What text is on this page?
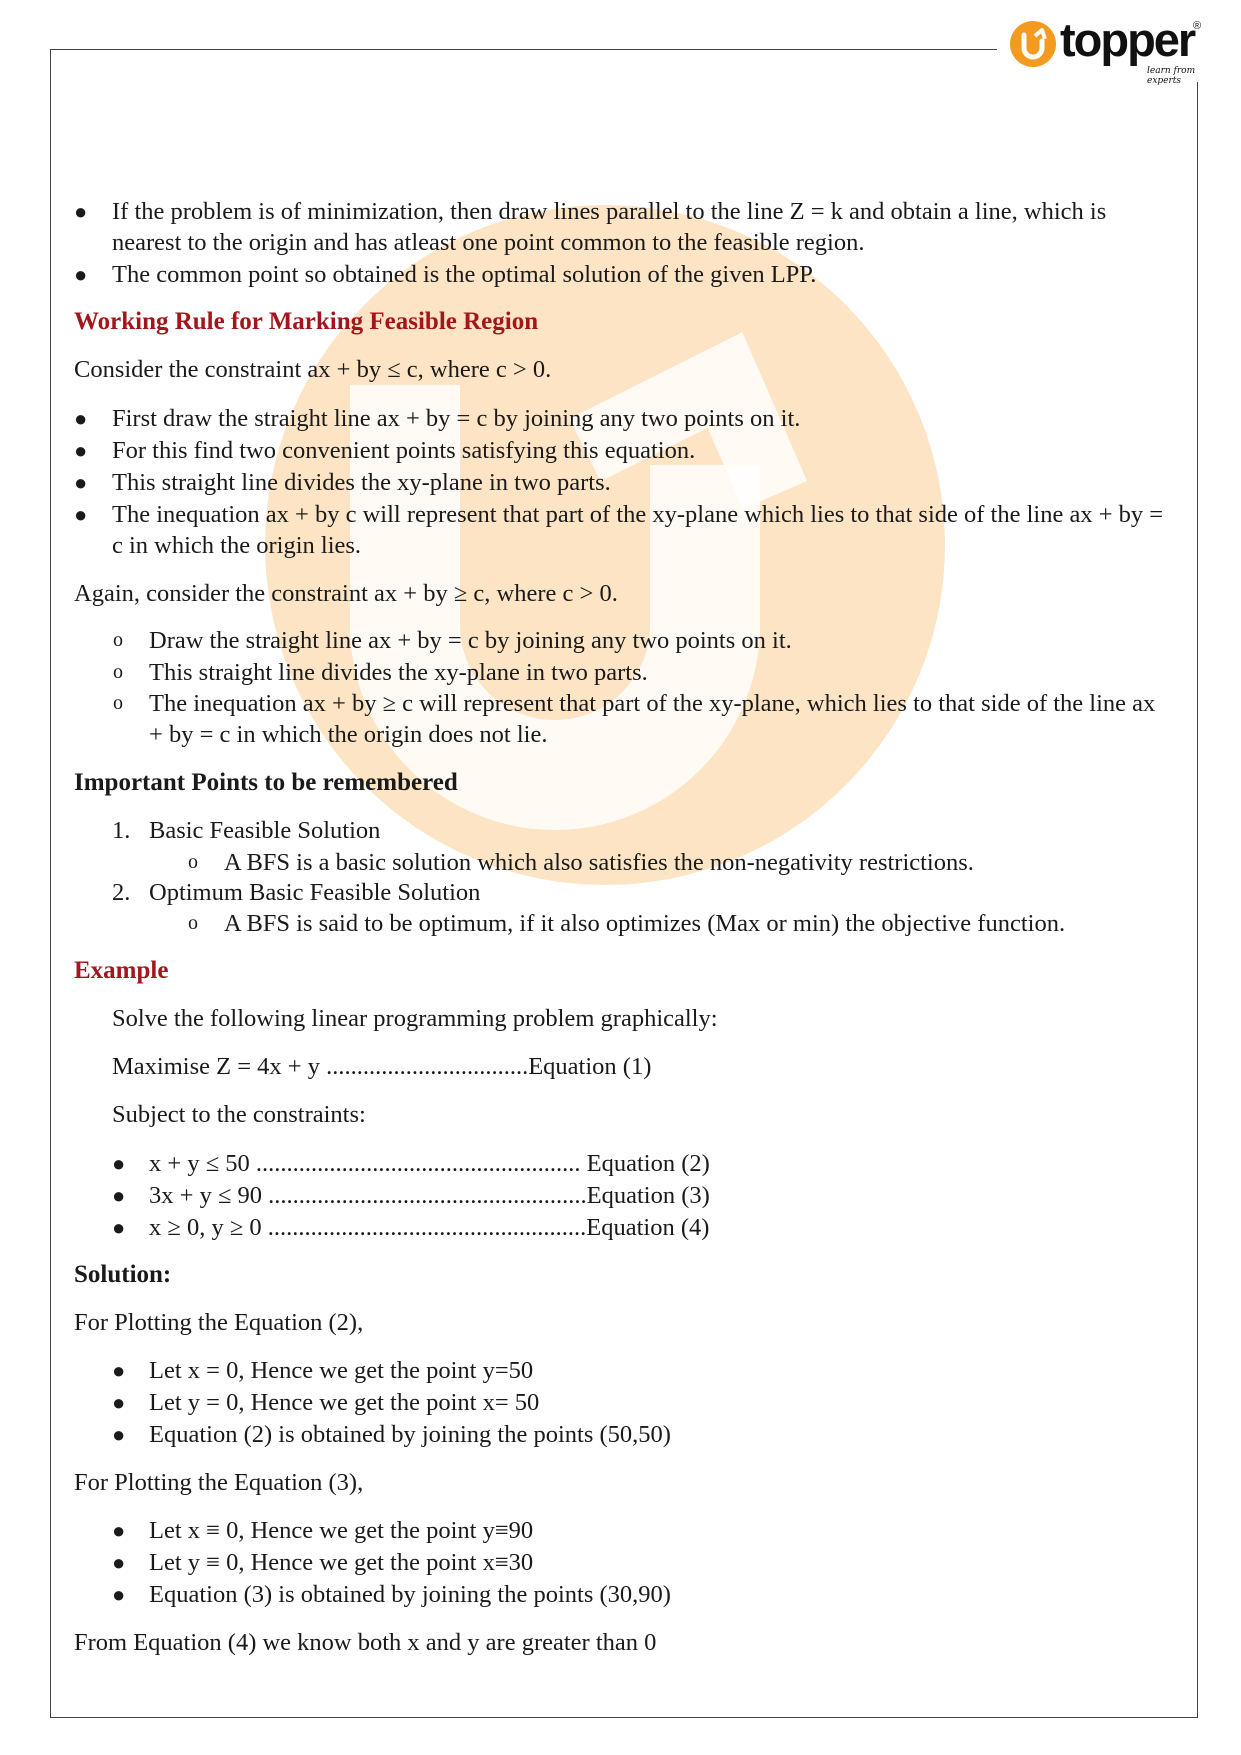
topper
®
learn from experts
● If the problem is of minimization, then draw lines parallel to the line Z = k and obtain a line, which is nearest to the origin and has atleast one point common to the feasible region.
● The common point so obtained is the optimal solution of the given LPP.
Working Rule for Marking Feasible Region
Consider the constraint ax + by ≤ c, where c > 0.
● First draw the straight line ax + by = c by joining any two points on it.
● For this find two convenient points satisfying this equation.
● This straight line divides the xy-plane in two parts.
● The inequation ax + by c will represent that part of the xy-plane which lies to that side of the line ax + by = c in which the origin lies.
Again, consider the constraint ax + by ≥ c, where c > 0.
o Draw the straight line ax + by = c by joining any two points on it.
o This straight line divides the xy-plane in two parts.
o The inequation ax + by ≥ c will represent that part of the xy-plane, which lies to that side of the line ax + by = c in which the origin does not lie.
Important Points to be remembered
1. Basic Feasible Solution
o A BFS is a basic solution which also satisfies the non-negativity restrictions.
2. Optimum Basic Feasible Solution
o A BFS is said to be optimum, if it also optimizes (Max or min) the objective function.
Example
Solve the following linear programming problem graphically:
Maximise Z = 4x + y .................................Equation (1)
Subject to the constraints:
● x + y ≤ 50 ..................................................... Equation (2)
● 3x + y ≤ 90 ....................................................Equation (3)
● x ≥ 0, y ≥ 0 ....................................................Equation (4)
Solution:
For Plotting the Equation (2),
● Let x = 0, Hence we get the point y=50
● Let y = 0, Hence we get the point x= 50
● Equation (2) is obtained by joining the points (50,50)
For Plotting the Equation (3),
● Let x ≡ 0, Hence we get the point y≡90
● Let y ≡ 0, Hence we get the point x≡30
● Equation (3) is obtained by joining the points (30,90)
From Equation (4) we know both x and y are greater than 0
